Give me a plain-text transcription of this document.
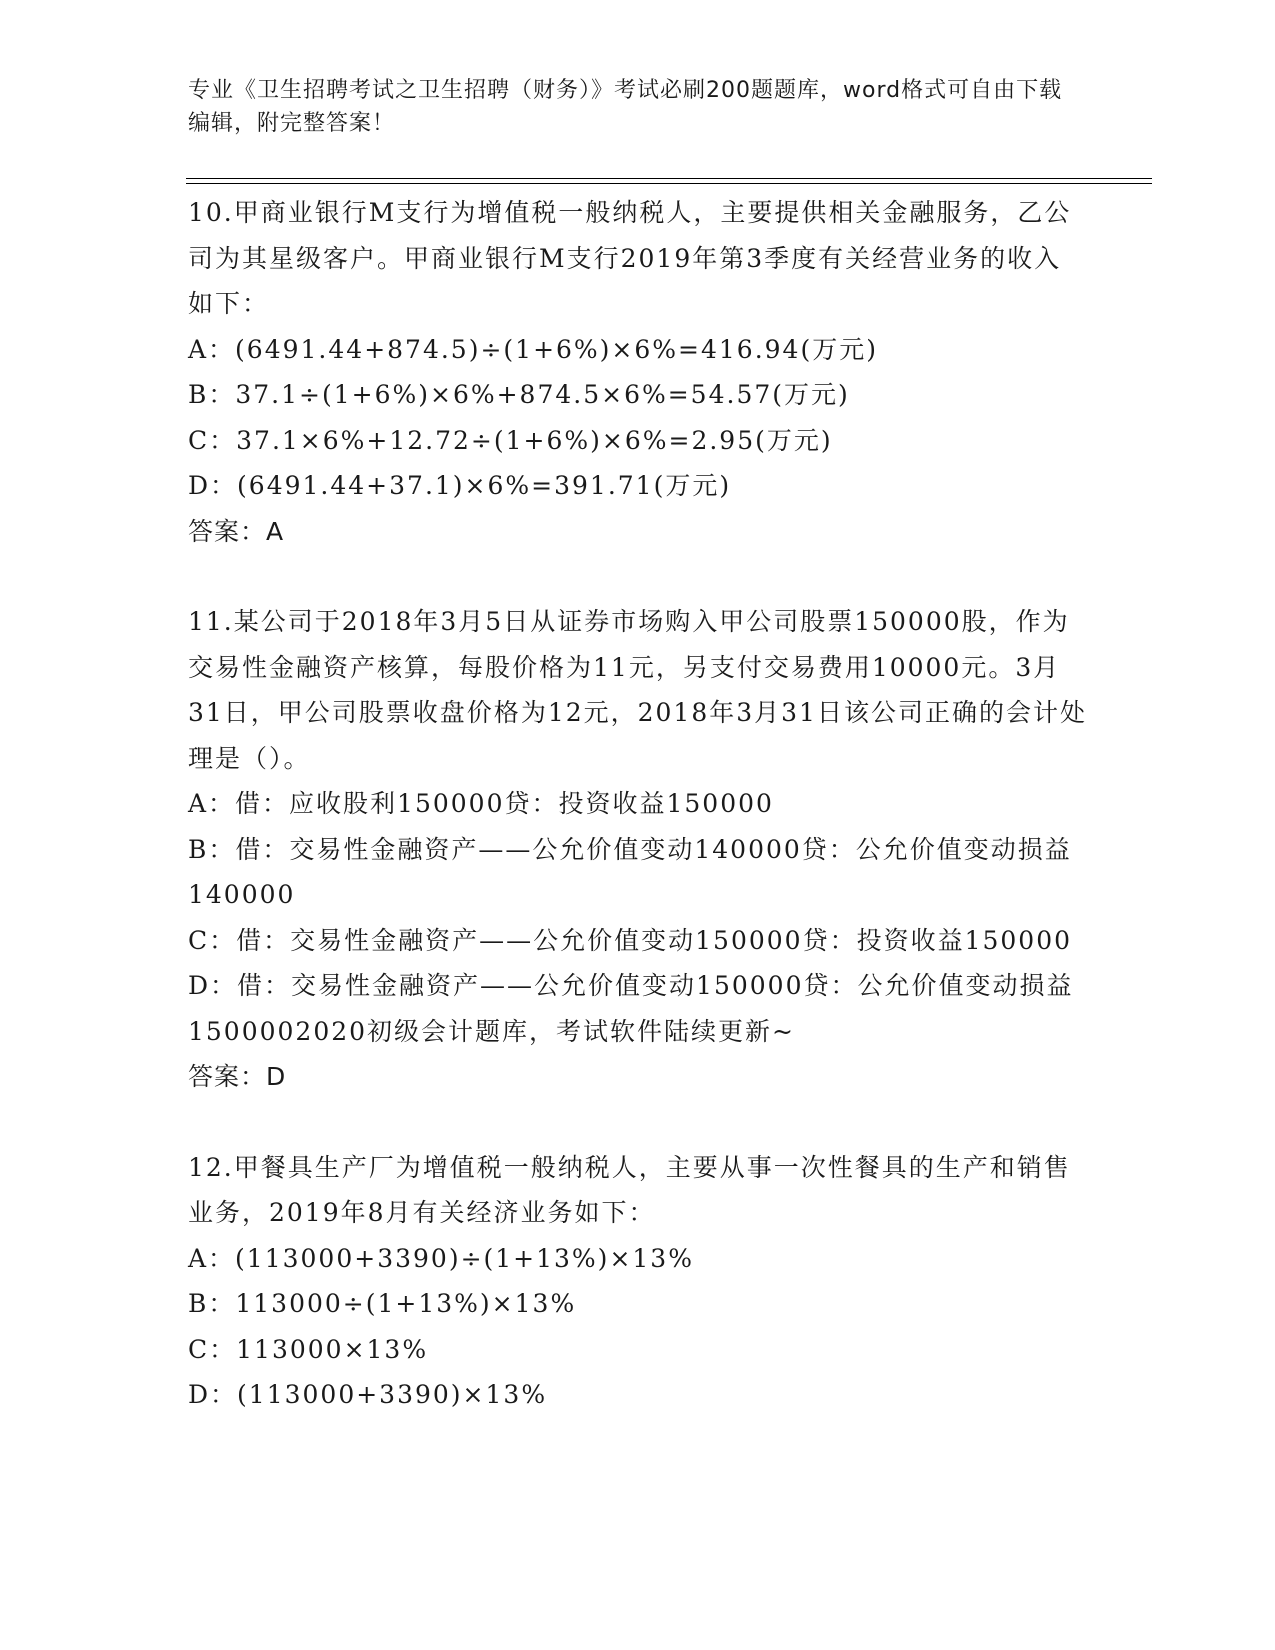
专业《卫生招聘考试之卫生招聘（财务）》考试必刷200题题库，word格式可自由下载编辑，附完整答案！

10.甲商业银行M支行为增值税一般纳税人，主要提供相关金融服务，乙公司为其星级客户。甲商业银行M支行2019年第3季度有关经营业务的收入如下：

A：(6491.44+874.5)÷(1+6%)×6%=416.94(万元)

B：37.1÷(1+6%)×6%+874.5×6%=54.57(万元)

C：37.1×6%+12.72÷(1+6%)×6%=2.95(万元)

D：(6491.44+37.1)×6%=391.71(万元)

答案：A

11.某公司于2018年3月5日从证券市场购入甲公司股票150000股，作为交易性金融资产核算，每股价格为11元，另支付交易费用10000元。3月31日，甲公司股票收盘价格为12元，2018年3月31日该公司正确的会计处理是（）。

A：借：应收股利150000贷：投资收益150000

B：借：交易性金融资产——公允价值变动140000贷：公允价值变动损益140000

C：借：交易性金融资产——公允价值变动150000贷：投资收益150000

D：借：交易性金融资产——公允价值变动150000贷：公允价值变动损益1500002020初级会计题库，考试软件陆续更新~

答案：D

12.甲餐具生产厂为增值税一般纳税人，主要从事一次性餐具的生产和销售业务，2019年8月有关经济业务如下：

A：(113000+3390)÷(1+13%)×13%

B：113000÷(1+13%)×13%

C：113000×13%

D：(113000+3390)×13%
